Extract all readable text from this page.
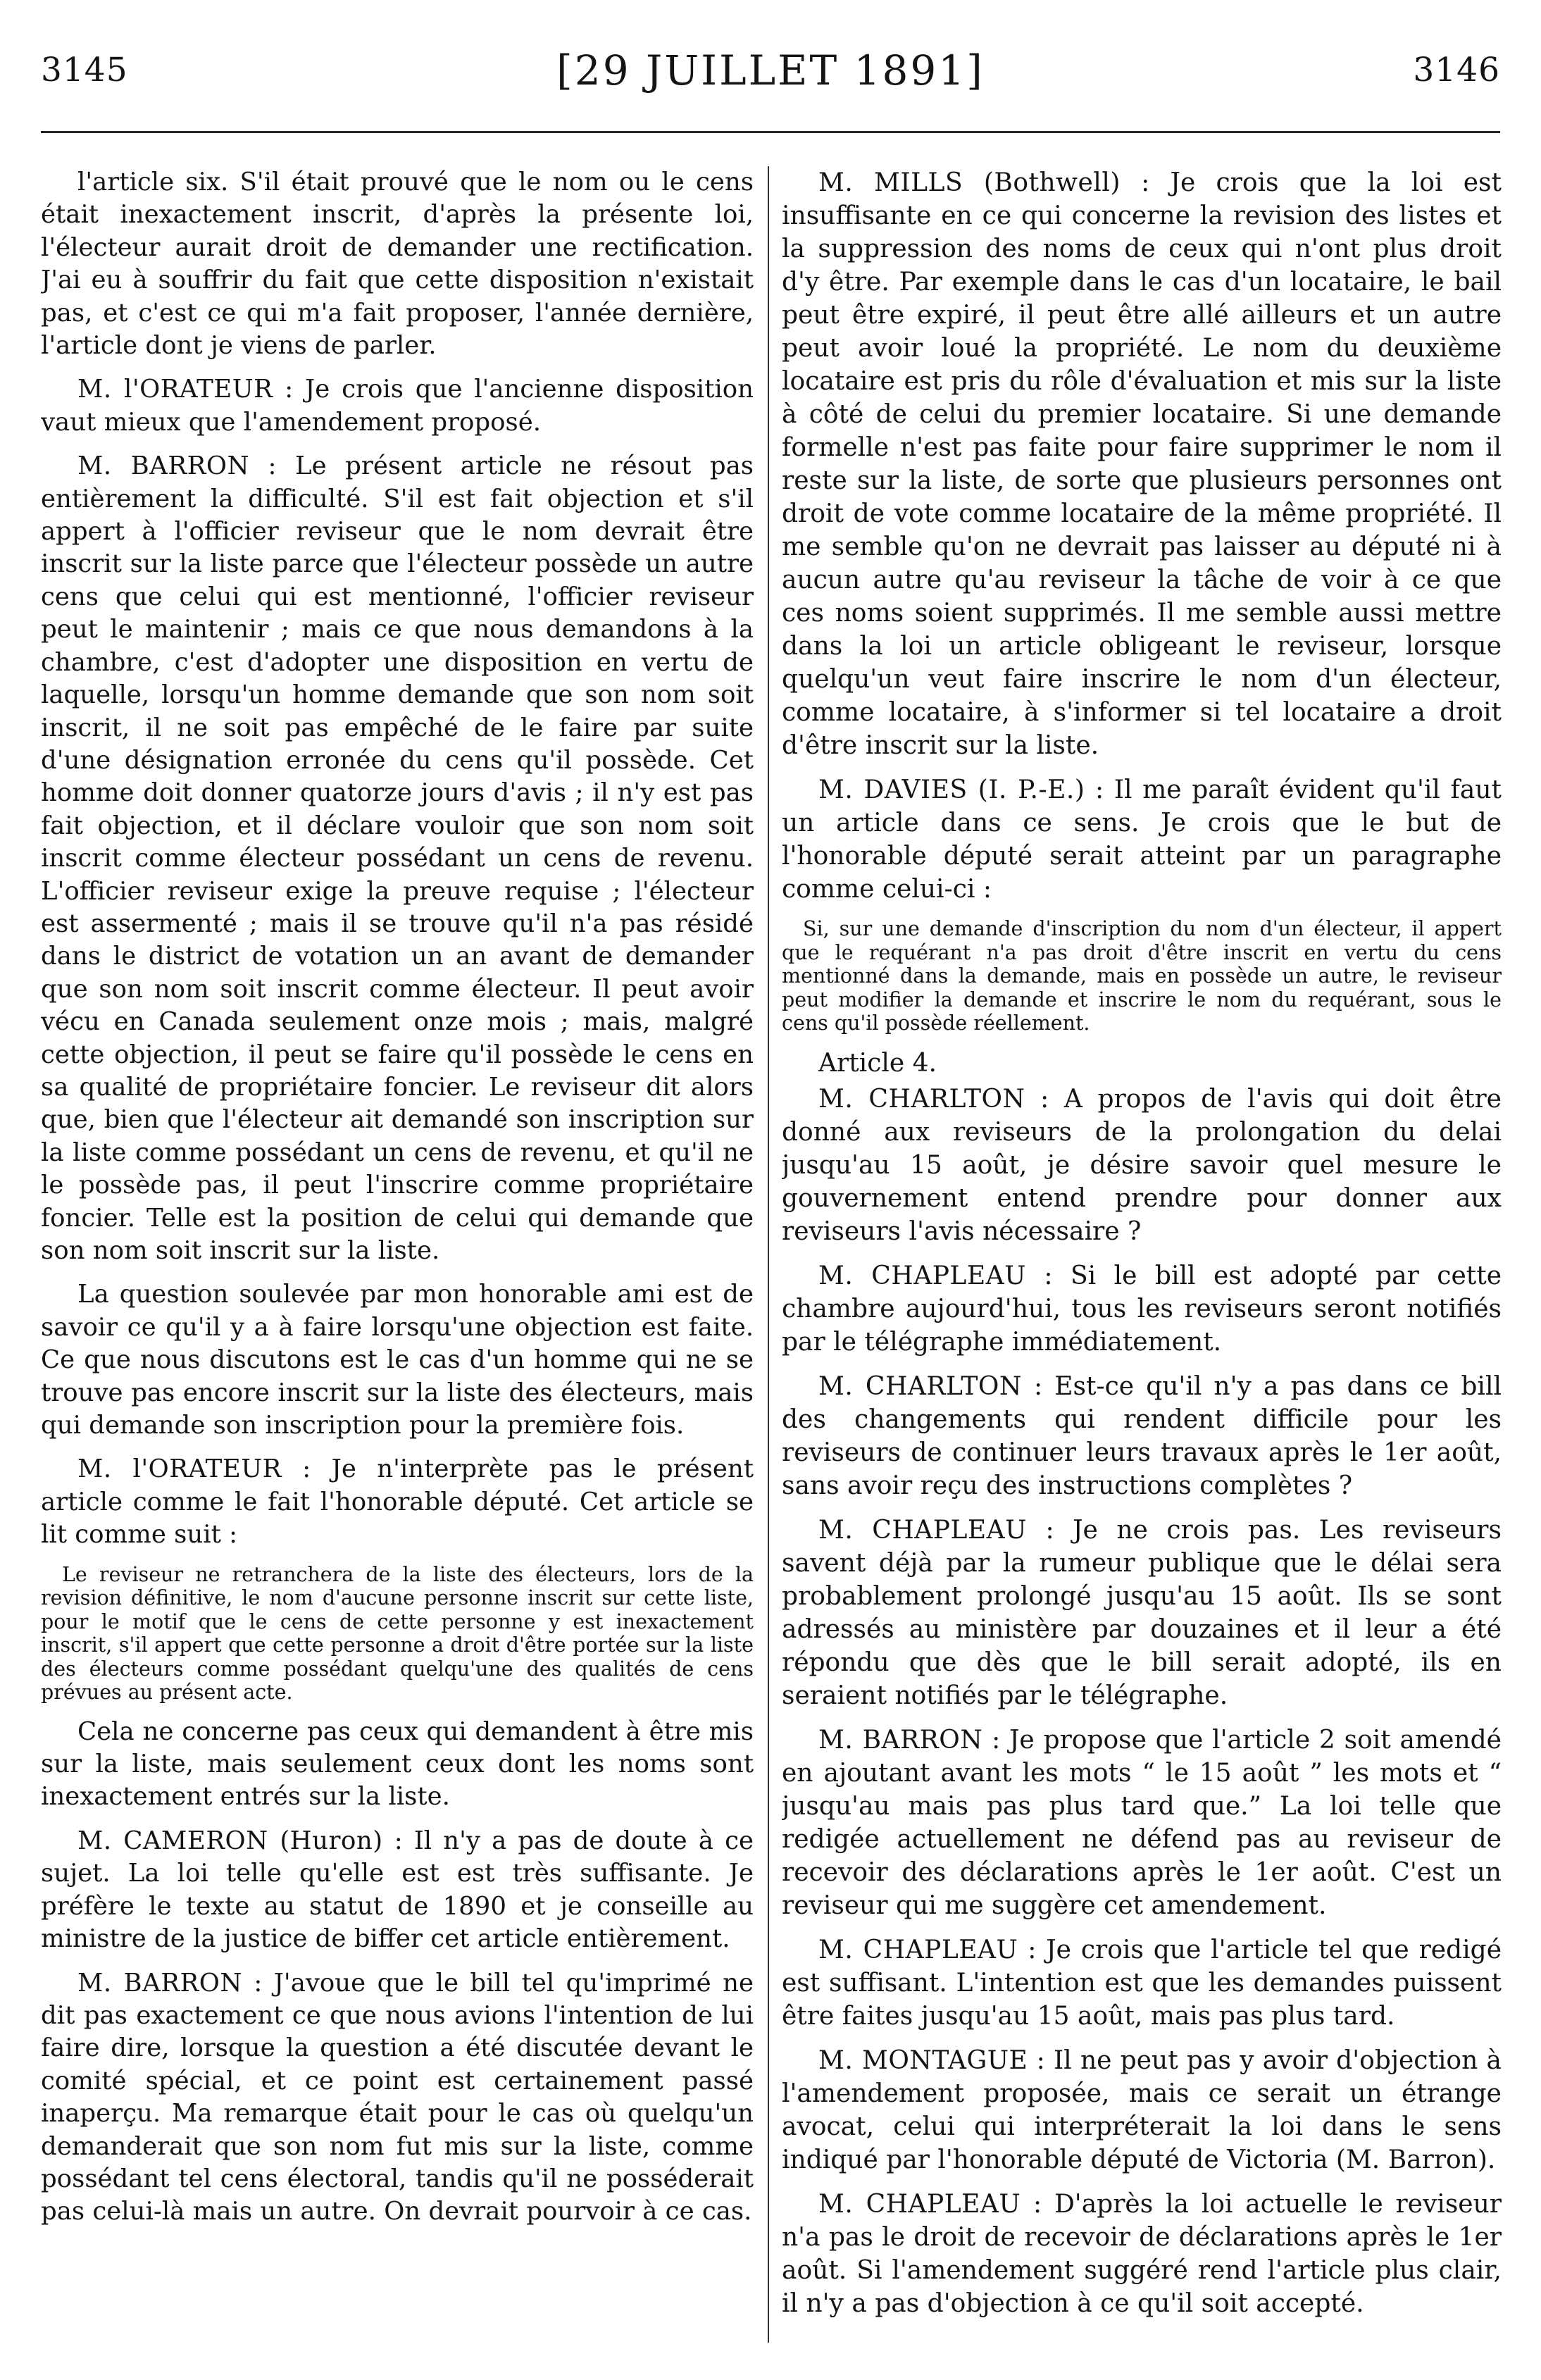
3145	[29 JUILLET 1891]	3146

l'article six. S'il était prouvé que le nom ou le cens était inexactement inscrit, d'après la présente loi, l'électeur aurait droit de demander une rectification. J'ai eu à souffrir du fait que cette disposition n'existait pas, et c'est ce qui m'a fait proposer, l'année dernière, l'article dont je viens de parler.

M. l'ORATEUR : Je crois que l'ancienne disposition vaut mieux que l'amendement proposé.

M. BARRON : Le présent article ne résout pas entièrement la difficulté. S'il est fait objection et s'il appert à l'officier reviseur que le nom devrait être inscrit sur la liste parce que l'électeur possède un autre cens que celui qui est mentionné, l'officier reviseur peut le maintenir ; mais ce que nous demandons à la chambre, c'est d'adopter une disposition en vertu de laquelle, lorsqu'un homme demande que son nom soit inscrit, il ne soit pas empêché de le faire par suite d'une désignation erronée du cens qu'il possède. Cet homme doit donner quatorze jours d'avis ; il n'y est pas fait objection, et il déclare vouloir que son nom soit inscrit comme électeur possédant un cens de revenu. L'officier reviseur exige la preuve requise ; l'électeur est assermenté ; mais il se trouve qu'il n'a pas résidé dans le district de votation un an avant de demander que son nom soit inscrit comme électeur. Il peut avoir vécu en Canada seulement onze mois ; mais, malgré cette objection, il peut se faire qu'il possède le cens en sa qualité de propriétaire foncier. Le reviseur dit alors que, bien que l'électeur ait demandé son inscription sur la liste comme possédant un cens de revenu, et qu'il ne le possède pas, il peut l'inscrire comme propriétaire foncier. Telle est la position de celui qui demande que son nom soit inscrit sur la liste.

La question soulevée par mon honorable ami est de savoir ce qu'il y a à faire lorsqu'une objection est faite. Ce que nous discutons est le cas d'un homme qui ne se trouve pas encore inscrit sur la liste des électeurs, mais qui demande son inscription pour la première fois.

M. l'ORATEUR : Je n'interprète pas le présent article comme le fait l'honorable député. Cet article se lit comme suit :

Le reviseur ne retranchera de la liste des électeurs, lors de la revision définitive, le nom d'aucune personne inscrit sur cette liste, pour le motif que le cens de cette personne y est inexactement inscrit, s'il appert que cette personne a droit d'être portée sur la liste des électeurs comme possédant quelqu'une des qualités de cens prévues au présent acte.

Cela ne concerne pas ceux qui demandent à être mis sur la liste, mais seulement ceux dont les noms sont inexactement entrés sur la liste.

M. CAMERON (Huron) : Il n'y a pas de doute à ce sujet. La loi telle qu'elle est est très suffisante. Je préfère le texte au statut de 1890 et je conseille au ministre de la justice de biffer cet article entièrement.

M. BARRON : J'avoue que le bill tel qu'imprimé ne dit pas exactement ce que nous avions l'intention de lui faire dire, lorsque la question a été discutée devant le comité spécial, et ce point est certainement passé inaperçu. Ma remarque était pour le cas où quelqu'un demanderait que son nom fut mis sur la liste, comme possédant tel cens électoral, tandis qu'il ne posséderait pas celui-là mais un autre. On devrait pourvoir à ce cas.

M. MILLS (Bothwell) : Je crois que la loi est insuffisante en ce qui concerne la revision des listes et la suppression des noms de ceux qui n'ont plus droit d'y être. Par exemple dans le cas d'un locataire, le bail peut être expiré, il peut être allé ailleurs et un autre peut avoir loué la propriété. Le nom du deuxième locataire est pris du rôle d'évaluation et mis sur la liste à côté de celui du premier locataire. Si une demande formelle n'est pas faite pour faire supprimer le nom il reste sur la liste, de sorte que plusieurs personnes ont droit de vote comme locataire de la même propriété. Il me semble qu'on ne devrait pas laisser au député ni à aucun autre qu'au reviseur la tâche de voir à ce que ces noms soient supprimés. Il me semble aussi mettre dans la loi un article obligeant le reviseur, lorsque quelqu'un veut faire inscrire le nom d'un électeur, comme locataire, à s'informer si tel locataire a droit d'être inscrit sur la liste.

M. DAVIES (I. P.-E.) : Il me paraît évident qu'il faut un article dans ce sens. Je crois que le but de l'honorable député serait atteint par un paragraphe comme celui-ci :

Si, sur une demande d'inscription du nom d'un électeur, il appert que le requérant n'a pas droit d'être inscrit en vertu du cens mentionné dans la demande, mais en possède un autre, le reviseur peut modifier la demande et inscrire le nom du requérant, sous le cens qu'il possède réellement.

Article 4.

M. CHARLTON : A propos de l'avis qui doit être donné aux reviseurs de la prolongation du delai jusqu'au 15 août, je désire savoir quel mesure le gouvernement entend prendre pour donner aux reviseurs l'avis nécessaire ?

M. CHAPLEAU : Si le bill est adopté par cette chambre aujourd'hui, tous les reviseurs seront notifiés par le télégraphe immédiatement.

M. CHARLTON : Est-ce qu'il n'y a pas dans ce bill des changements qui rendent difficile pour les reviseurs de continuer leurs travaux après le 1er août, sans avoir reçu des instructions complètes ?

M. CHAPLEAU : Je ne crois pas. Les reviseurs savent déjà par la rumeur publique que le délai sera probablement prolongé jusqu'au 15 août. Ils se sont adressés au ministère par douzaines et il leur a été répondu que dès que le bill serait adopté, ils en seraient notifiés par le télégraphe.

M. BARRON : Je propose que l'article 2 soit amendé en ajoutant avant les mots “ le 15 août ” les mots et “ jusqu'au mais pas plus tard que.” La loi telle que redigée actuellement ne défend pas au reviseur de recevoir des déclarations après le 1er août. C'est un reviseur qui me suggère cet amendement.

M. CHAPLEAU : Je crois que l'article tel que redigé est suffisant. L'intention est que les demandes puissent être faites jusqu'au 15 août, mais pas plus tard.

M. MONTAGUE : Il ne peut pas y avoir d'objection à l'amendement proposée, mais ce serait un étrange avocat, celui qui interpréterait la loi dans le sens indiqué par l'honorable député de Victoria (M. Barron).

M. CHAPLEAU : D'après la loi actuelle le reviseur n'a pas le droit de recevoir de déclarations après le 1er août. Si l'amendement suggéré rend l'article plus clair, il n'y a pas d'objection à ce qu'il soit accepté.
